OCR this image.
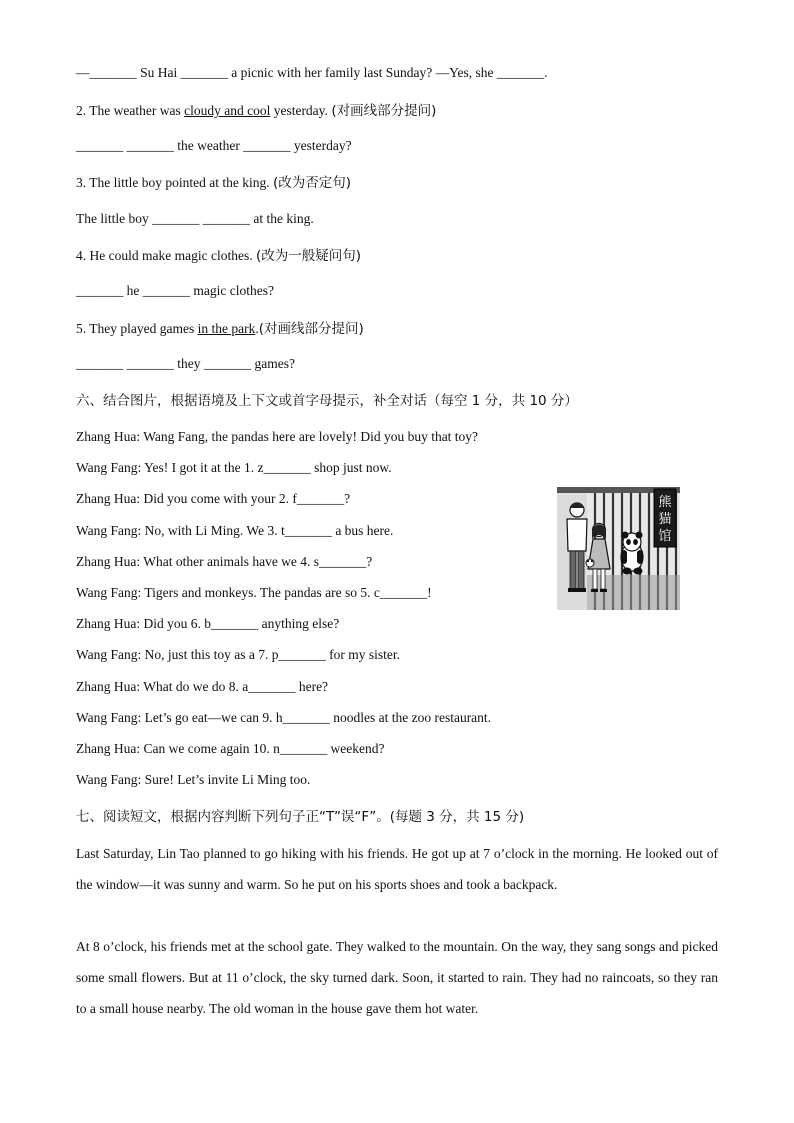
—_______ Su Hai _______ a picnic with her family last Sunday? —Yes, she _______.
2. The weather was cloudy and cool yesterday. (对画线部分提问)
_______ _______ the weather _______ yesterday?
3. The little boy pointed at the king. (改为否定句)
The little boy _______ _______ at the king.
4. He could make magic clothes. (改为一般疑问句)
_______ he _______ magic clothes?
5. They played games in the park.(对画线部分提问)
_______ _______ they _______ games?
六、结合图片，根据语境及上下文或首字母提示，补全对话（每空 1 分，共 10 分）
Zhang Hua: Wang Fang, the pandas here are lovely! Did you buy that toy?
Wang Fang: Yes! I got it at the 1. z_______ shop just now.
Zhang Hua: Did you come with your 2. f_______?
Wang Fang: No, with Li Ming. We 3. t_______ a bus here.
Zhang Hua: What other animals have we 4. s_______?
Wang Fang: Tigers and monkeys. The pandas are so 5. c_______!
Zhang Hua: Did you 6. b_______ anything else?
Wang Fang: No, just this toy as a 7. p_______ for my sister.
Zhang Hua: What do we do 8. a_______ here?
Wang Fang: Let’s go eat—we can 9. h_______ noodles at the zoo restaurant.
Zhang Hua: Can we come again 10. n_______ weekend?
Wang Fang: Sure! Let’s invite Li Ming too.
熊
猫
馆
七、阅读短文，根据内容判断下列句子正“T”误“F”。(每题 3 分，共 15 分)
Last Saturday, Lin Tao planned to go hiking with his friends. He got up at 7 o’clock in the morning. He looked out of the window—it was sunny and warm. So he put on his sports shoes and took a backpack.
At 8 o’clock, his friends met at the school gate. They walked to the mountain. On the way, they sang songs and picked some small flowers. But at 11 o’clock, the sky turned dark. Soon, it started to rain. They had no raincoats, so they ran to a small house nearby. The old woman in the house gave them hot water.
